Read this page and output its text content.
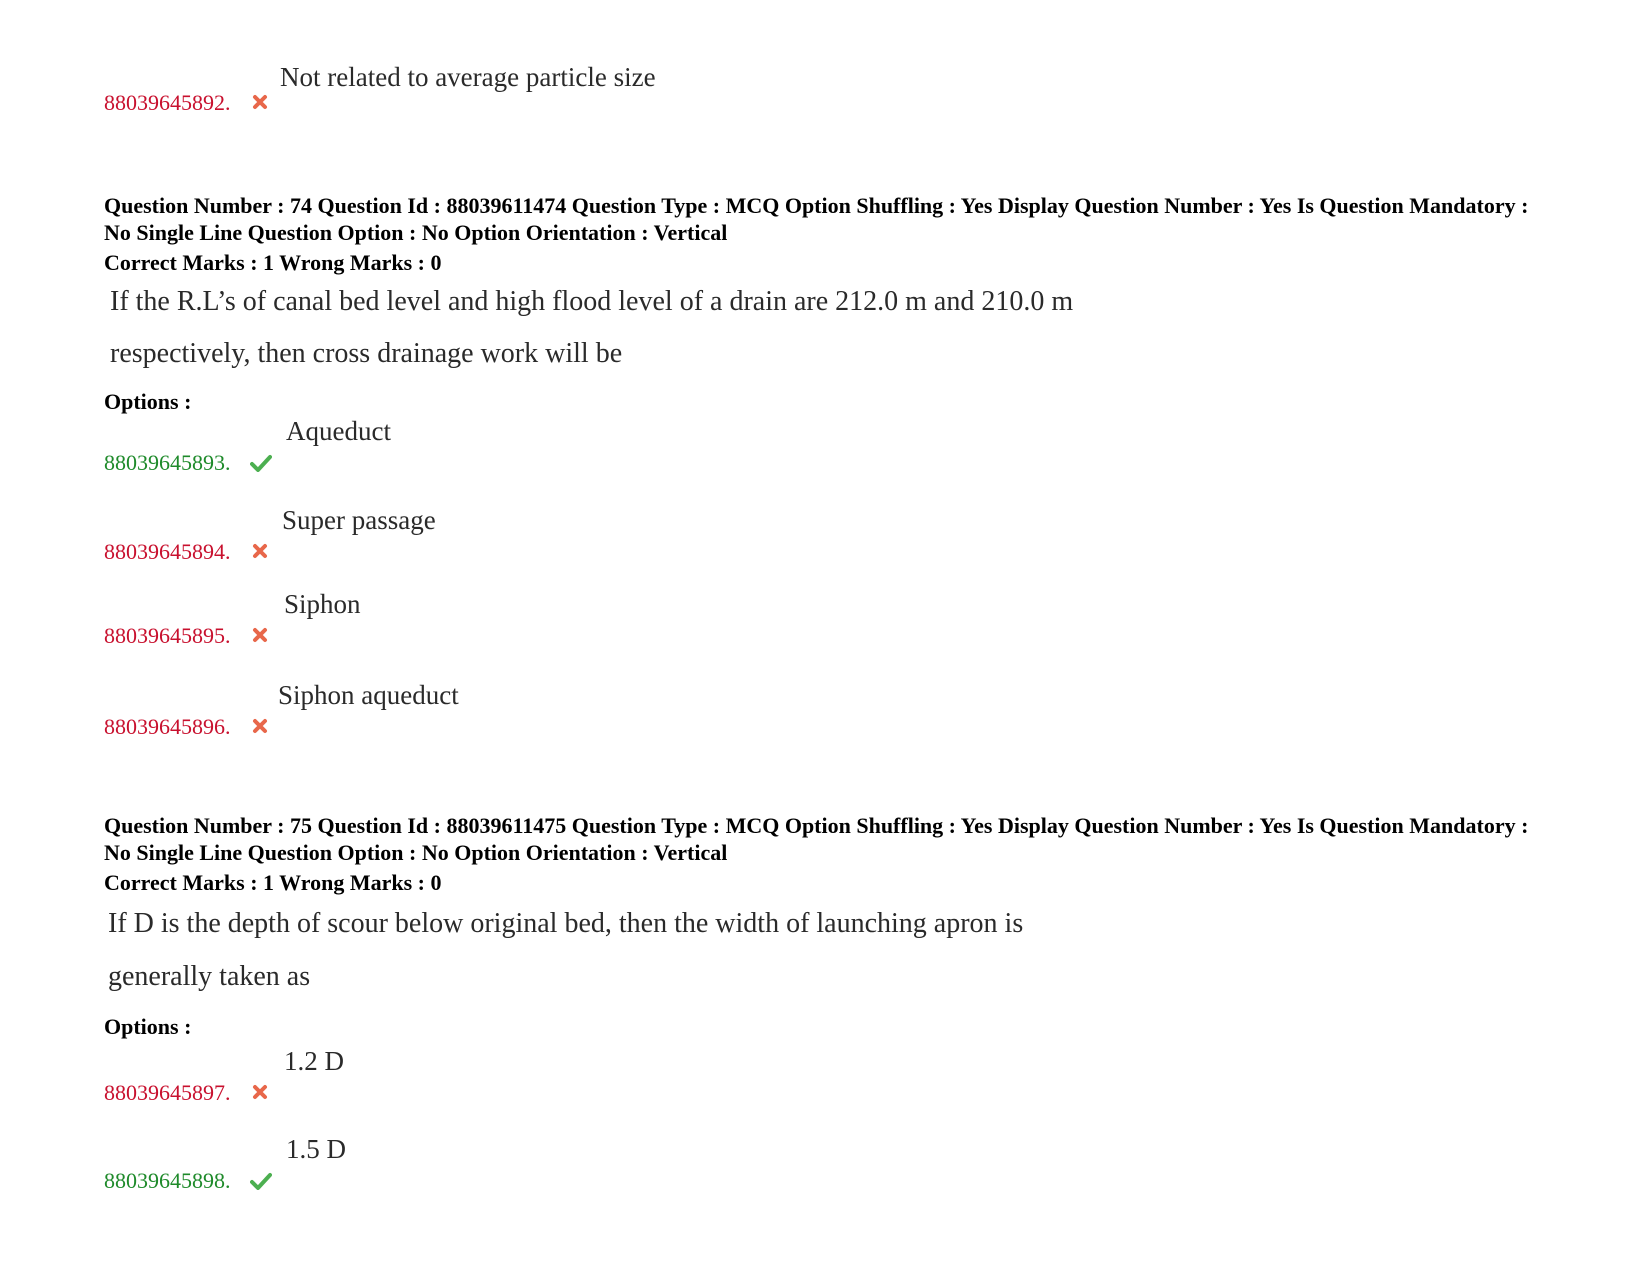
88039645892.
Not related to average particle size
Question Number : 74 Question Id : 88039611474 Question Type : MCQ Option Shuffling : Yes Display Question Number : Yes Is Question Mandatory : No Single Line Question Option : No Option Orientation : Vertical
Correct Marks : 1 Wrong Marks : 0
If the R.L’s of canal bed level and high flood level of a drain are 212.0 m and 210.0 m
respectively, then cross drainage work will be
Options :
88039645893.
Aqueduct
88039645894.
Super passage
88039645895.
Siphon
88039645896.
Siphon aqueduct
Question Number : 75 Question Id : 88039611475 Question Type : MCQ Option Shuffling : Yes Display Question Number : Yes Is Question Mandatory : No Single Line Question Option : No Option Orientation : Vertical
Correct Marks : 1 Wrong Marks : 0
If D is the depth of scour below original bed, then the width of launching apron is
generally taken as
Options :
88039645897.
1.2 D
88039645898.
1.5 D
